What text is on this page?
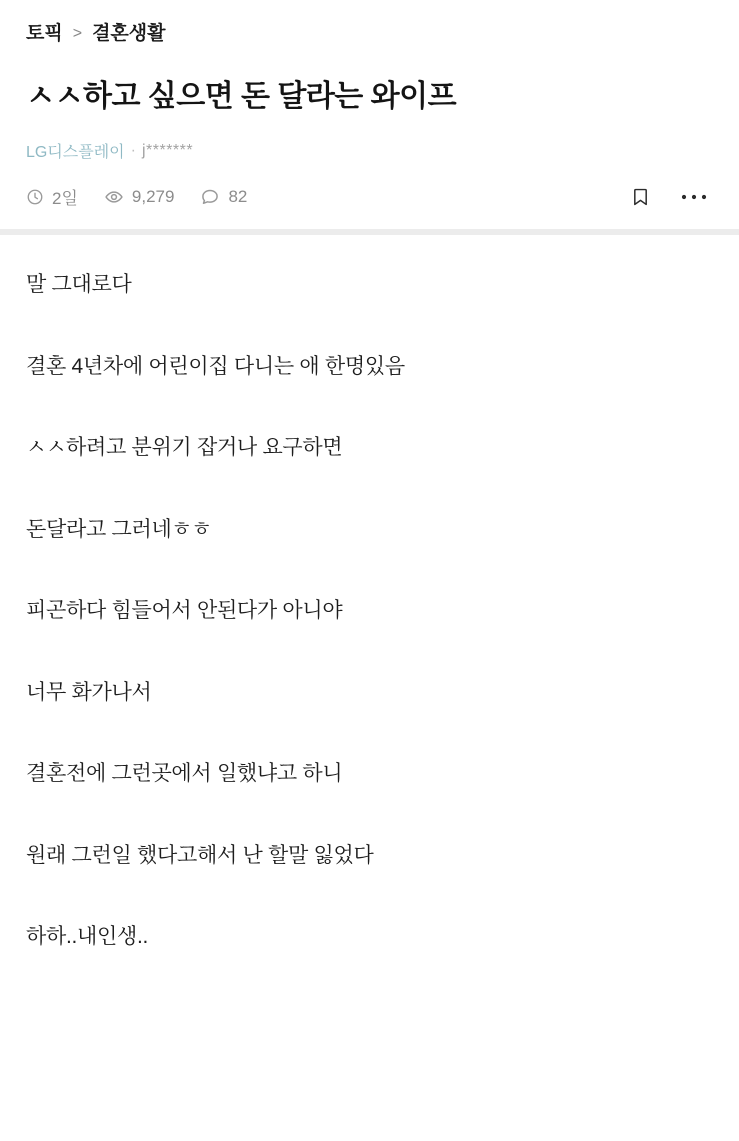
토픽 > 결혼생활
ㅅㅅ하고 싶으면 돈 달라는 와이프
LG디스플레이 · j*******
2일	9,279	82

말 그대로다

결혼 4년차에 어린이집 다니는 애 한명있음

ㅅㅅ하려고 분위기 잡거나 요구하면

돈달라고 그러네ㅎㅎ

피곤하다 힘들어서 안된다가 아니야

너무 화가나서

결혼전에 그런곳에서 일했냐고 하니

원래 그런일 했다고해서 난 할말 잃었다

하하..내인생..
